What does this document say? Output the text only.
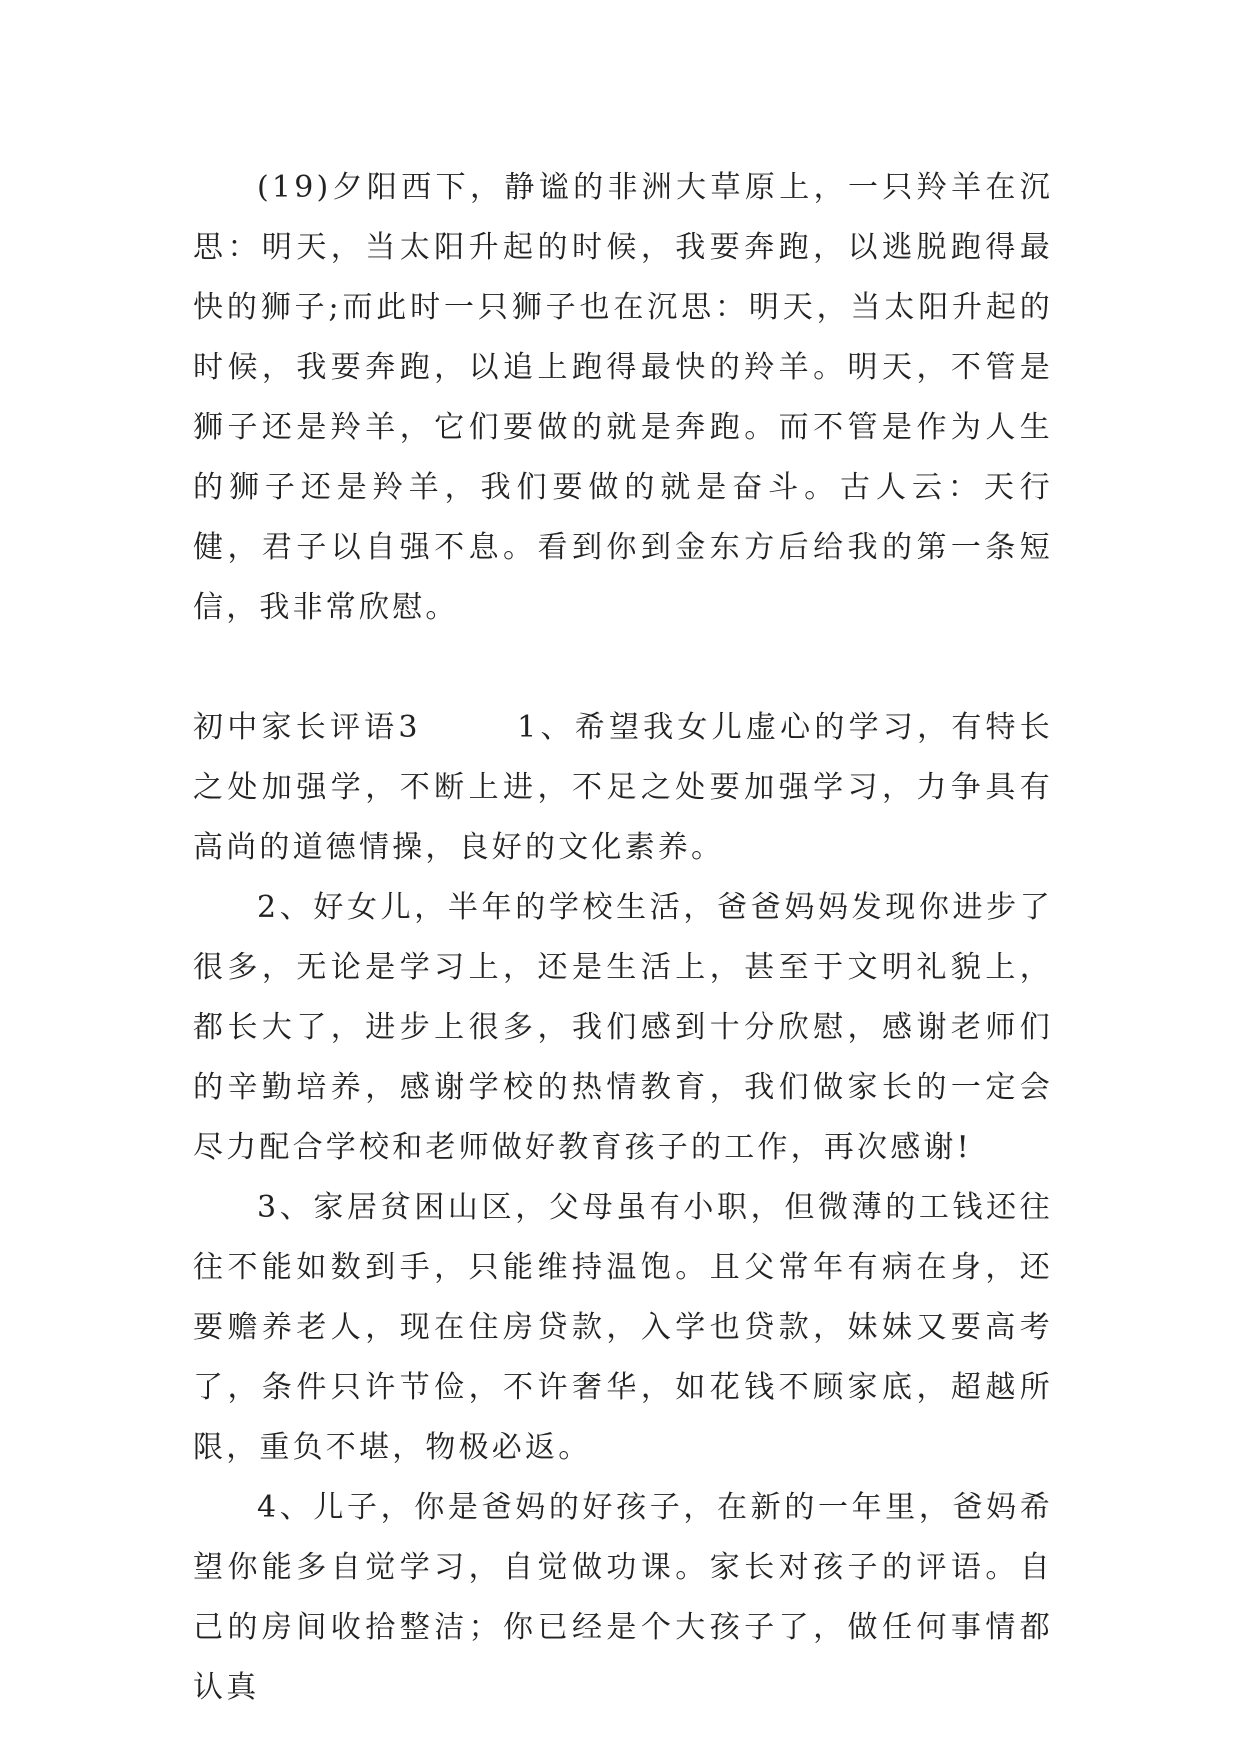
(19)夕阳西下，静谧的非洲大草原上，一只羚羊在沉思：明天，当太阳升起的时候，我要奔跑，以逃脱跑得最快的狮子;而此时一只狮子也在沉思：明天，当太阳升起的时候，我要奔跑，以追上跑得最快的羚羊。明天，不管是狮子还是羚羊，它们要做的就是奔跑。而不管是作为人生的狮子还是羚羊，我们要做的就是奋斗。古人云：天行健，君子以自强不息。看到你到金东方后给我的第一条短信，我非常欣慰。

初中家长评语3	1、希望我女儿虚心的学习，有特长之处加强学，不断上进，不足之处要加强学习，力争具有高尚的道德情操，良好的文化素养。

2、好女儿，半年的学校生活，爸爸妈妈发现你进步了很多，无论是学习上，还是生活上，甚至于文明礼貌上，都长大了，进步上很多，我们感到十分欣慰，感谢老师们的辛勤培养，感谢学校的热情教育，我们做家长的一定会尽力配合学校和老师做好教育孩子的工作，再次感谢!

3、家居贫困山区，父母虽有小职，但微薄的工钱还往往不能如数到手，只能维持温饱。且父常年有病在身，还要赡养老人，现在住房贷款，入学也贷款，妹妹又要高考了，条件只许节俭，不许奢华，如花钱不顾家底，超越所限，重负不堪，物极必返。

4、儿子，你是爸妈的好孩子，在新的一年里，爸妈希望你能多自觉学习，自觉做功课。家长对孩子的评语。自己的房间收拾整洁；你已经是个大孩子了，做任何事情都认真
